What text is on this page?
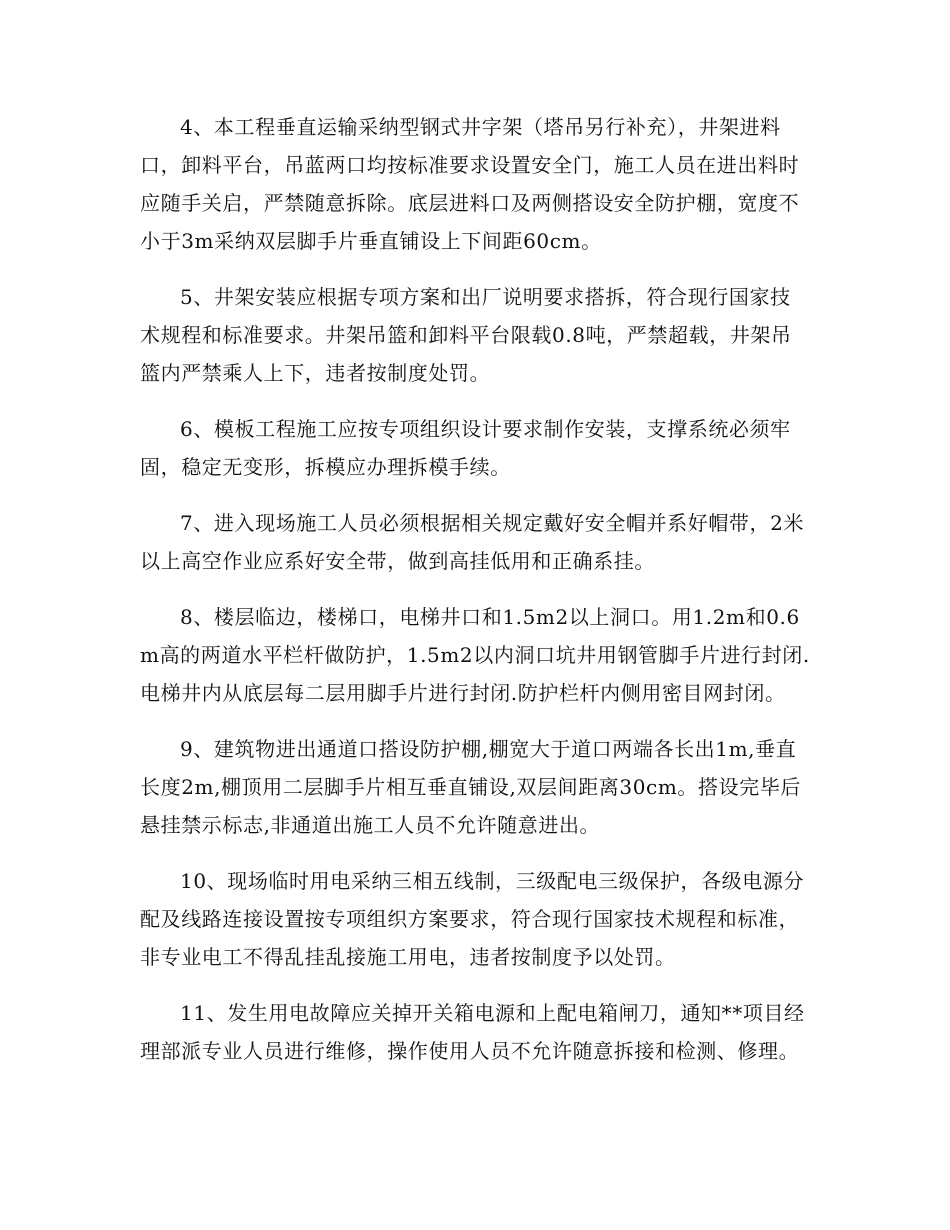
4、本工程垂直运输采纳型钢式井字架（塔吊另行补充），井架进料口，卸料平台，吊蓝两口均按标准要求设置安全门，施工人员在进出料时应随手关启，严禁随意拆除。底层进料口及两侧搭设安全防护棚，宽度不小于3m采纳双层脚手片垂直铺设上下间距60cm。

5、井架安装应根据专项方案和出厂说明要求搭拆，符合现行国家技术规程和标准要求。井架吊篮和卸料平台限载0.8吨，严禁超载，井架吊篮内严禁乘人上下，违者按制度处罚。

6、模板工程施工应按专项组织设计要求制作安装，支撑系统必须牢固，稳定无变形，拆模应办理拆模手续。

7、进入现场施工人员必须根据相关规定戴好安全帽并系好帽带，2米以上高空作业应系好安全带，做到高挂低用和正确系挂。

8、楼层临边，楼梯口，电梯井口和1.5m2以上洞口。用1.2m和0.6m高的两道水平栏杆做防护，1.5m2以内洞口坑井用钢管脚手片进行封闭.电梯井内从底层每二层用脚手片进行封闭.防护栏杆内侧用密目网封闭。

9、建筑物进出通道口搭设防护棚,棚宽大于道口两端各长出1m,垂直长度2m,棚顶用二层脚手片相互垂直铺设,双层间距离30cm。搭设完毕后悬挂禁示标志,非通道出施工人员不允许随意进出。

10、现场临时用电采纳三相五线制，三级配电三级保护，各级电源分配及线路连接设置按专项组织方案要求，符合现行国家技术规程和标准，非专业电工不得乱挂乱接施工用电，违者按制度予以处罚。

11、发生用电故障应关掉开关箱电源和上配电箱闸刀，通知**项目经理部派专业人员进行维修，操作使用人员不允许随意拆接和检测、修理。
